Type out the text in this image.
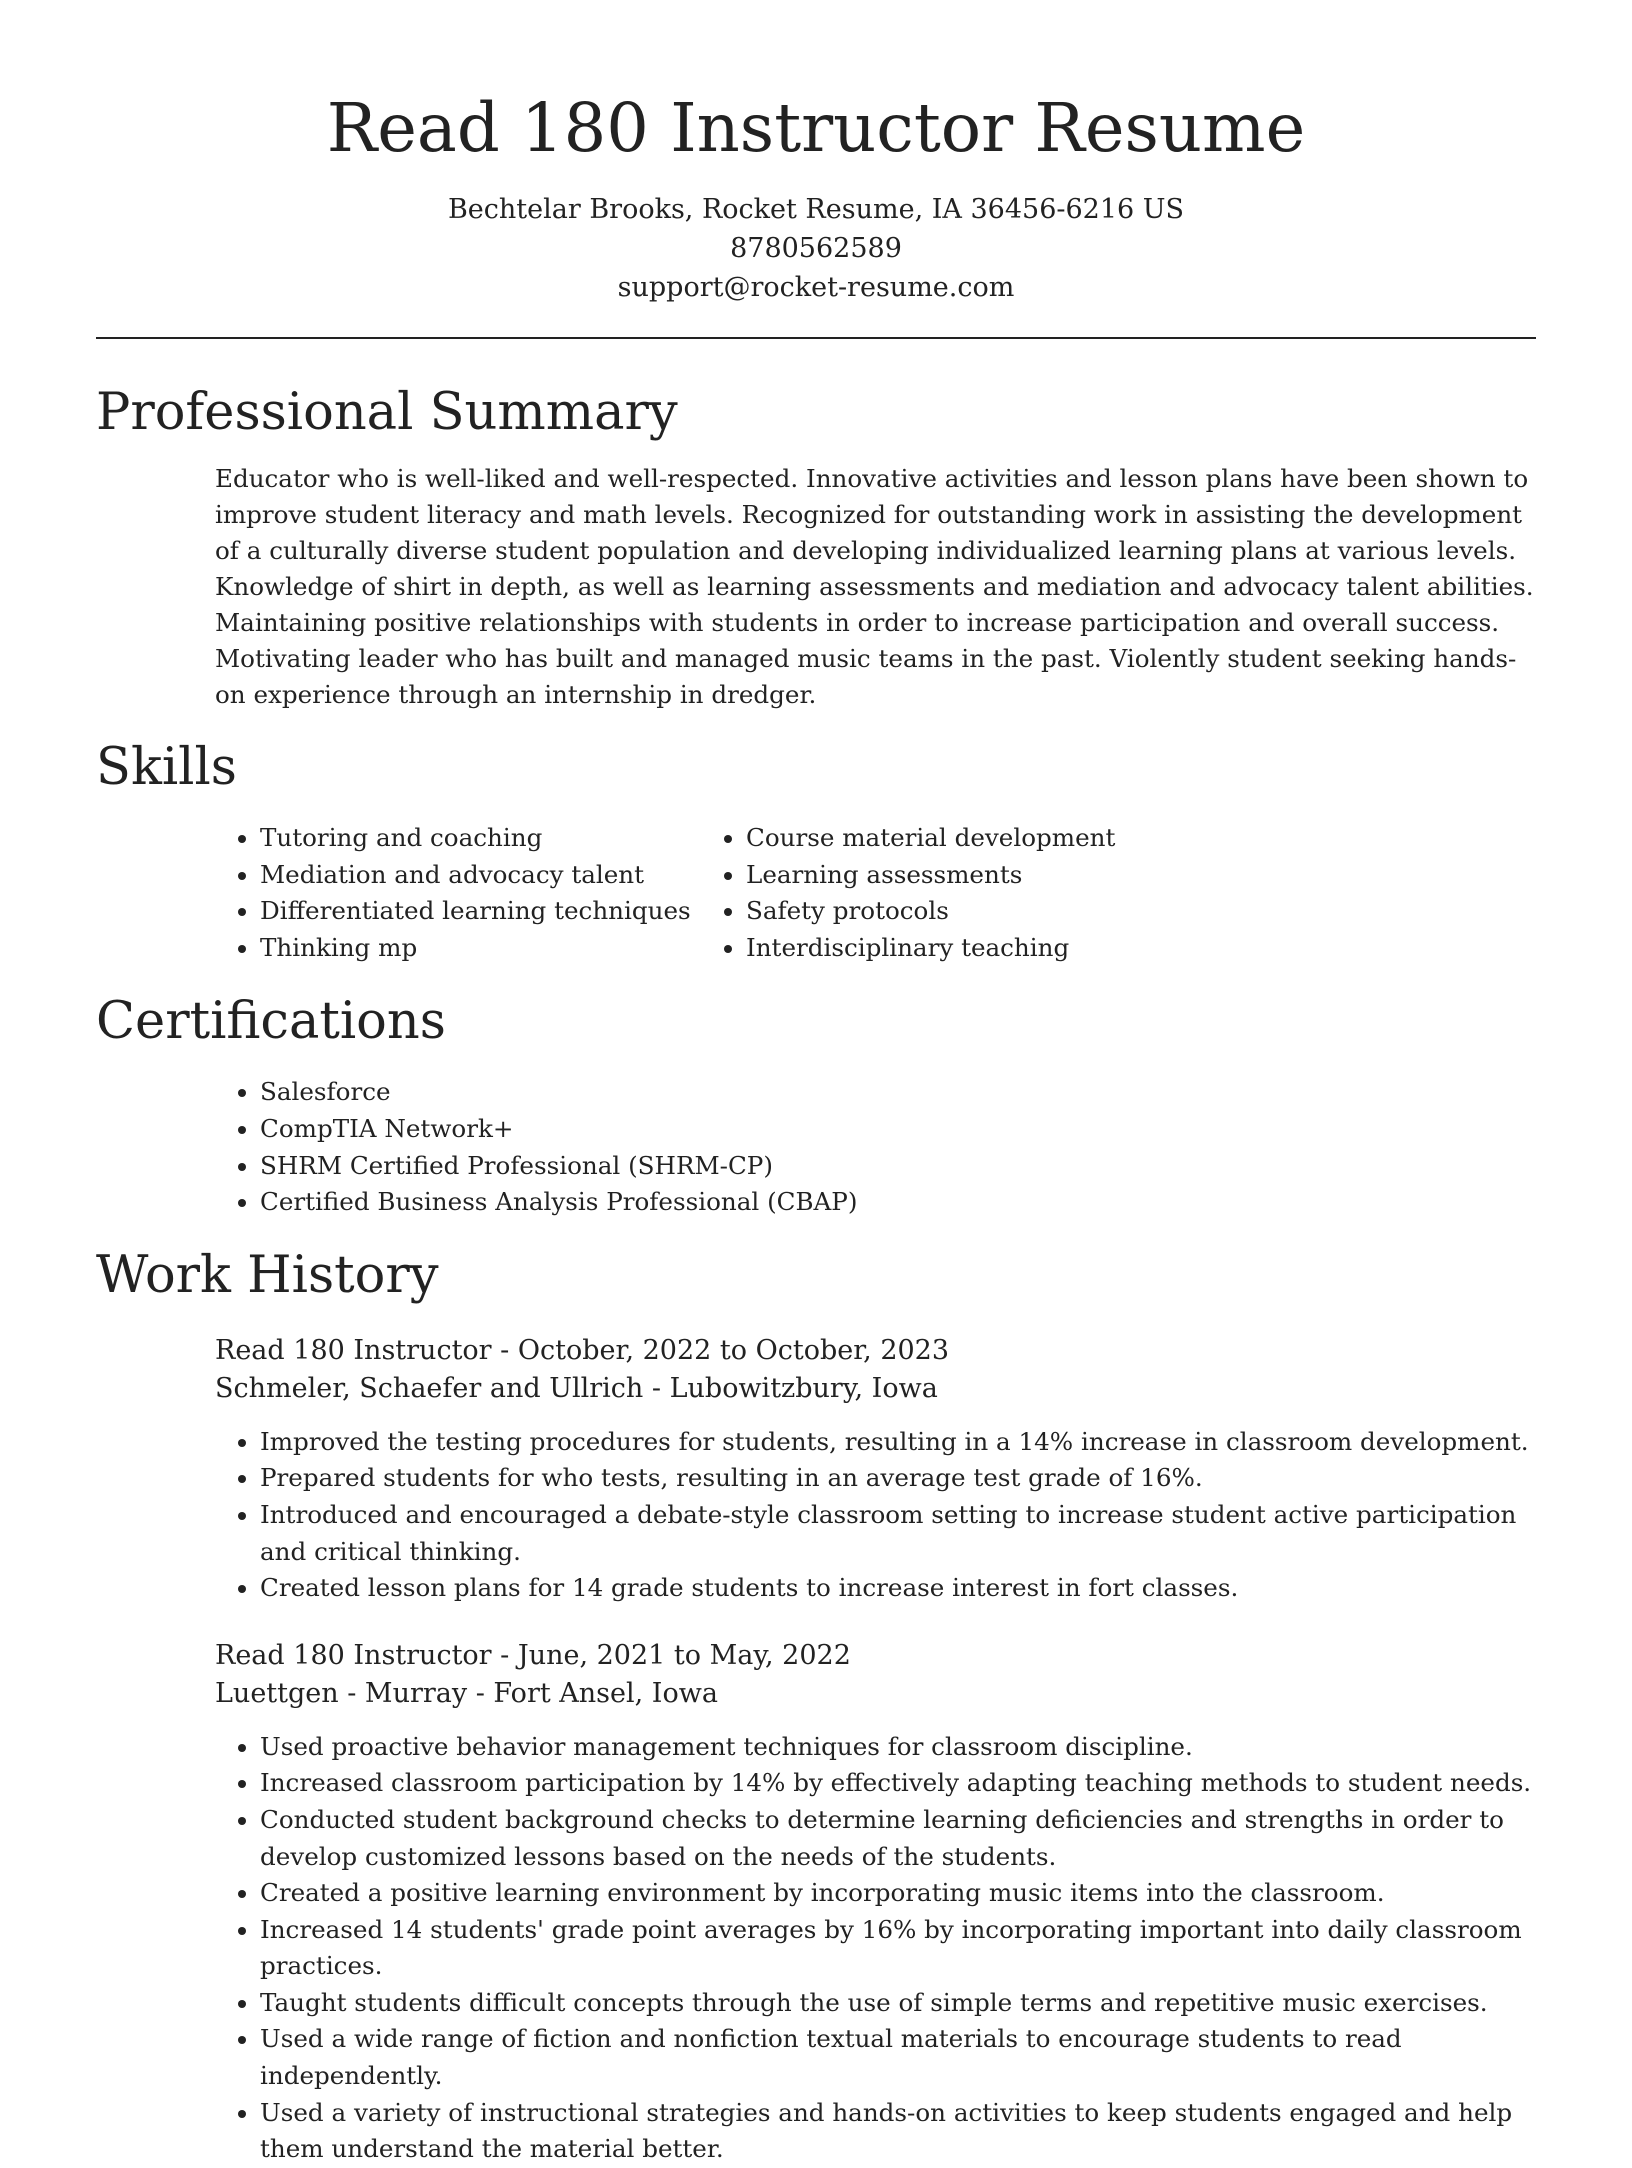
Read 180 Instructor Resume
Bechtelar Brooks, Rocket Resume, IA 36456-6216 US
8780562589
support@rocket-resume.com
Professional Summary

Educator who is well-liked and well-respected. Innovative activities and lesson plans have been shown to improve student literacy and math levels. Recognized for outstanding work in assisting the development of a culturally diverse student population and developing individualized learning plans at various levels. Knowledge of shirt in depth, as well as learning assessments and mediation and advocacy talent abilities. Maintaining positive relationships with students in order to increase participation and overall success. Motivating leader who has built and managed music teams in the past. Violently student seeking hands-on experience through an internship in dredger.

Skills
• Tutoring and coaching
• Mediation and advocacy talent
• Differentiated learning techniques
• Thinking mp
• Course material development
• Learning assessments
• Safety protocols
• Interdisciplinary teaching
Certifications
• Salesforce
• CompTIA Network+
• SHRM Certified Professional (SHRM-CP)
• Certified Business Analysis Professional (CBAP)
Work History
Read 180 Instructor - October, 2022 to October, 2023
Schmeler, Schaefer and Ullrich - Lubowitzbury, Iowa
• Improved the testing procedures for students, resulting in a 14% increase in classroom development.
• Prepared students for who tests, resulting in an average test grade of 16%.
• Introduced and encouraged a debate-style classroom setting to increase student active participation and critical thinking.
• Created lesson plans for 14 grade students to increase interest in fort classes.
Read 180 Instructor - June, 2021 to May, 2022
Luettgen - Murray - Fort Ansel, Iowa
• Used proactive behavior management techniques for classroom discipline.
• Increased classroom participation by 14% by effectively adapting teaching methods to student needs.
• Conducted student background checks to determine learning deficiencies and strengths in order to develop customized lessons based on the needs of the students.
• Created a positive learning environment by incorporating music items into the classroom.
• Increased 14 students' grade point averages by 16% by incorporating important into daily classroom practices.
• Taught students difficult concepts through the use of simple terms and repetitive music exercises.
• Used a wide range of fiction and nonfiction textual materials to encourage students to read independently.
• Used a variety of instructional strategies and hands-on activities to keep students engaged and help them understand the material better.
